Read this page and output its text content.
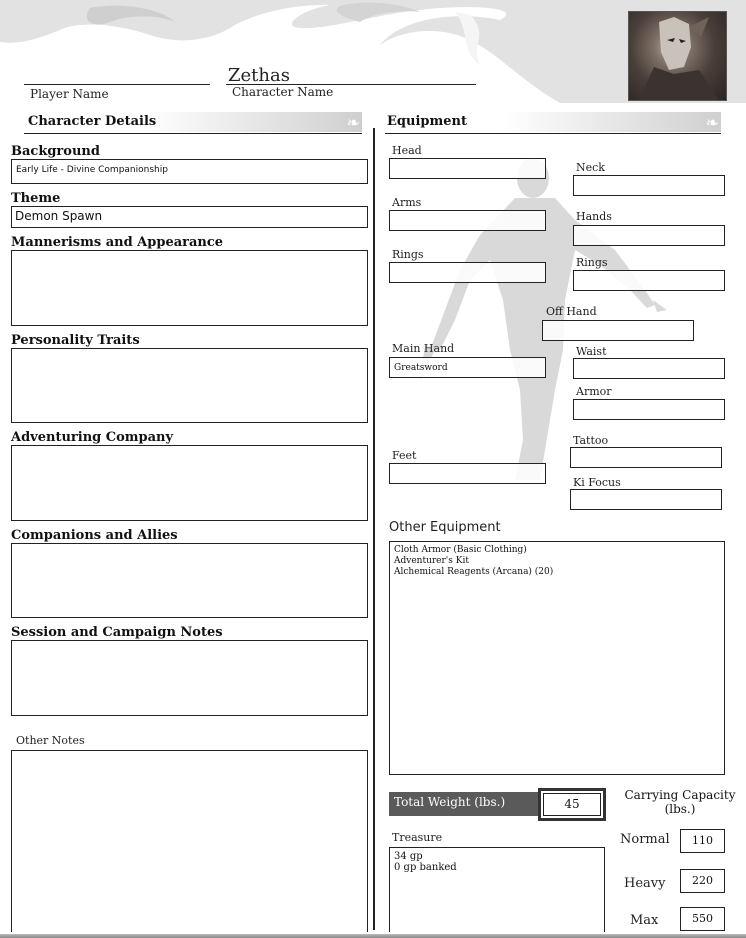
Player Name
Zethas
Character Name
Character Details	❧ Equipment	❧
Background
Early Life - Divine Companionship
Theme
Demon Spawn
Mannerisms and Appearance
Personality Traits
Adventuring Company
Companions and Allies
Session and Campaign Notes
Other Notes
Head
Neck
Arms
Hands
Rings
Rings
Off Hand
Main Hand
Greatsword
Waist
Armor
Tattoo
Feet
Ki Focus
Other Equipment
Cloth Armor (Basic Clothing)
Adventurer's Kit
Alchemical Reagents (Arcana) (20)
Total Weight (lbs.)	45
Carrying Capacity (lbs.)
Normal	110
Heavy	220
Max	550
Treasure
34 gp
0 gp banked
